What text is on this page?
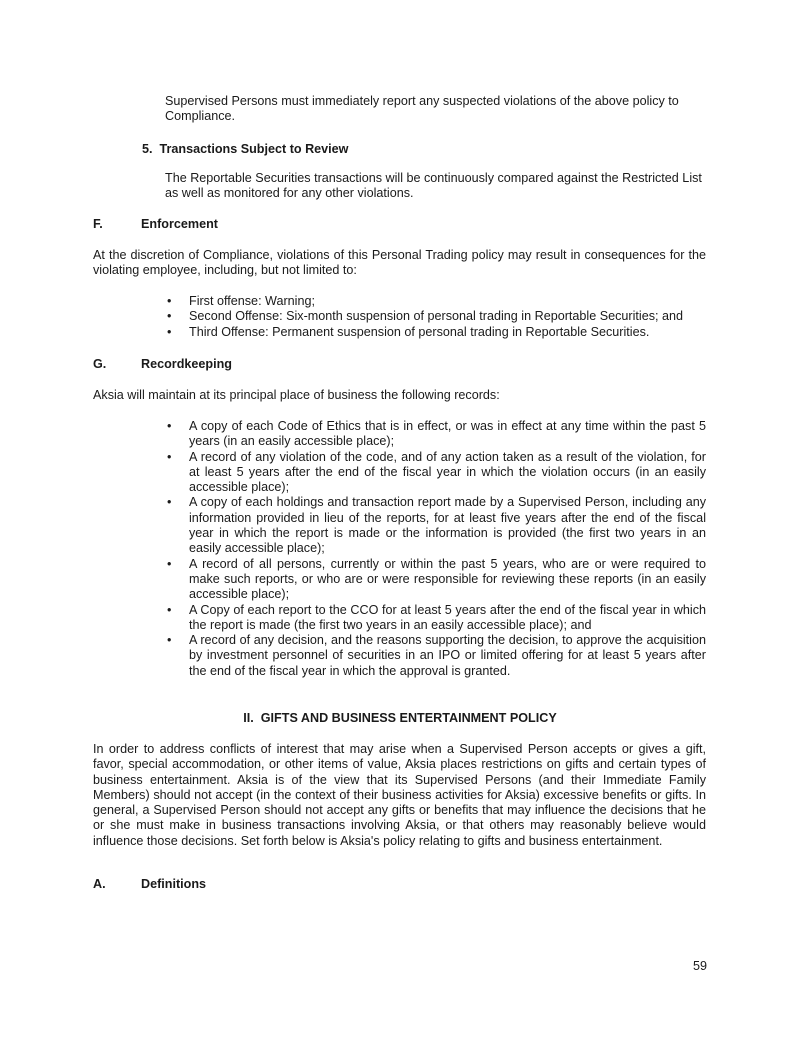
Supervised Persons must immediately report any suspected violations of the above policy to Compliance.

5. Transactions Subject to Review

The Reportable Securities transactions will be continuously compared against the Restricted List as well as monitored for any other violations.

F.	Enforcement

At the discretion of Compliance, violations of this Personal Trading policy may result in consequences for the violating employee, including, but not limited to:

• First offense: Warning;
• Second Offense: Six-month suspension of personal trading in Reportable Securities; and
• Third Offense: Permanent suspension of personal trading in Reportable Securities.
G.	Recordkeeping

Aksia will maintain at its principal place of business the following records:

• A copy of each Code of Ethics that is in effect, or was in effect at any time within the past 5 years (in an easily accessible place);
• A record of any violation of the code, and of any action taken as a result of the violation, for at least 5 years after the end of the fiscal year in which the violation occurs (in an easily accessible place);
• A copy of each holdings and transaction report made by a Supervised Person, including any information provided in lieu of the reports, for at least five years after the end of the fiscal year in which the report is made or the information is provided (the first two years in an easily accessible place);
• A record of all persons, currently or within the past 5 years, who are or were required to make such reports, or who are or were responsible for reviewing these reports (in an easily accessible place);
• A Copy of each report to the CCO for at least 5 years after the end of the fiscal year in which the report is made (the first two years in an easily accessible place); and
• A record of any decision, and the reasons supporting the decision, to approve the acquisition by investment personnel of securities in an IPO or limited offering for at least 5 years after the end of the fiscal year in which the approval is granted.
II. GIFTS AND BUSINESS ENTERTAINMENT POLICY

In order to address conflicts of interest that may arise when a Supervised Person accepts or gives a gift, favor, special accommodation, or other items of value, Aksia places restrictions on gifts and certain types of business entertainment. Aksia is of the view that its Supervised Persons (and their Immediate Family Members) should not accept (in the context of their business activities for Aksia) excessive benefits or gifts. In general, a Supervised Person should not accept any gifts or benefits that may influence the decisions that he or she must make in business transactions involving Aksia, or that others may reasonably believe would influence those decisions. Set forth below is Aksia's policy relating to gifts and business entertainment.

A.	Definitions
59
